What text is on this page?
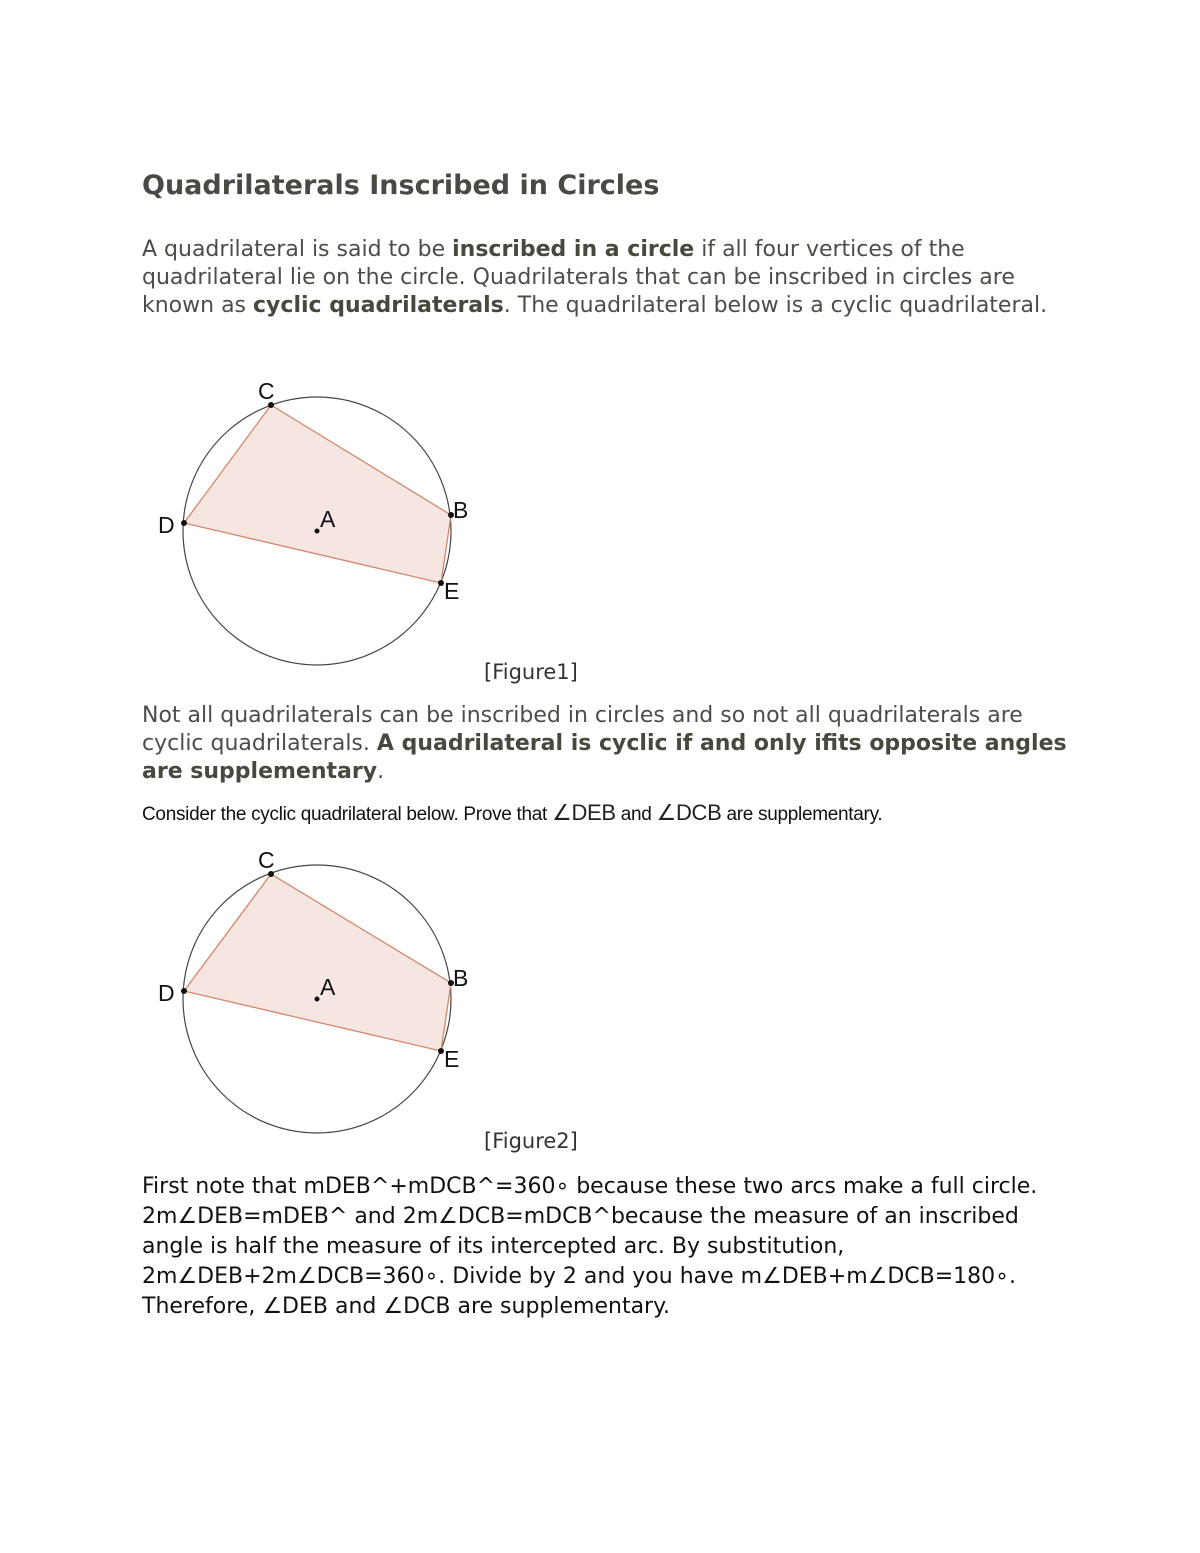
Quadrilaterals Inscribed in Circles

A quadrilateral is said to be inscribed in a circle if all four vertices of the quadrilateral lie on the circle. Quadrilaterals that can be inscribed in circles are known as cyclic quadrilaterals. The quadrilateral below is a cyclic quadrilateral.

C
D	A	B
E
[Figure1]

Not all quadrilaterals can be inscribed in circles and so not all quadrilaterals are cyclic quadrilaterals. A quadrilateral is cyclic if and only ifits opposite angles are supplementary.

Consider the cyclic quadrilateral below. Prove that ∠DEB and ∠DCB are supplementary.

C
D	A	B
E
[Figure2]

First note that mDEB^+mDCB^=360∘ because these two arcs make a full circle. 2m∠DEB=mDEB^ and 2m∠DCB=mDCB^because the measure of an inscribed angle is half the measure of its intercepted arc. By substitution, 2m∠DEB+2m∠DCB=360∘. Divide by 2 and you have m∠DEB+m∠DCB=180∘. Therefore, ∠DEB and ∠DCB are supplementary.
